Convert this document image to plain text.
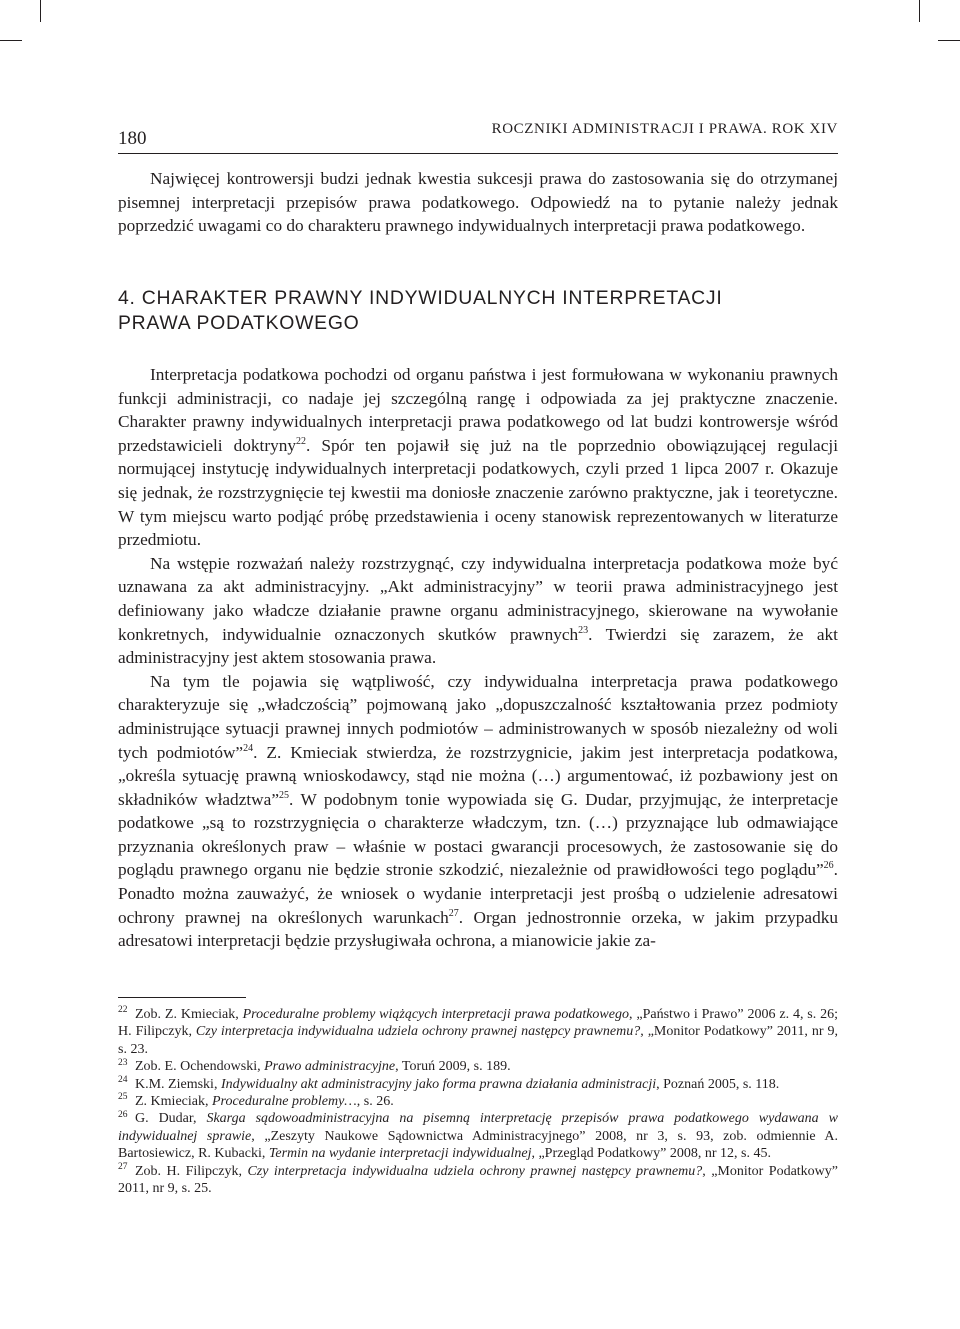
180	ROCZNIKI ADMINISTRACJI I PRAWA. ROK XIV

Najwięcej kontrowersji budzi jednak kwestia sukcesji prawa do zastosowania się do otrzymanej pisemnej interpretacji przepisów prawa podatkowego. Odpowiedź na to pytanie należy jednak poprzedzić uwagami co do charakteru prawnego indywidualnych interpretacji prawa podatkowego.

4. CHARAKTER PRAWNY INDYWIDUALNYCH INTERPRETACJI
PRAWA PODATKOWEGO

Interpretacja podatkowa pochodzi od organu państwa i jest formułowana w wykonaniu prawnych funkcji administracji, co nadaje jej szczególną rangę i odpowiada za jej praktyczne znaczenie. Charakter prawny indywidualnych interpretacji prawa podatkowego od lat budzi kontrowersje wśród przedstawicieli doktryny$^{22}$. Spór ten pojawił się już na tle poprzednio obowiązującej regulacji normującej instytucję indywidualnych interpretacji podatkowych, czyli przed 1 lipca 2007 r. Okazuje się jednak, że rozstrzygnięcie tej kwestii ma doniosłe znaczenie zarówno praktyczne, jak i teoretyczne. W tym miejscu warto podjąć próbę przedstawienia i oceny stanowisk reprezentowanych w literaturze przedmiotu.

Na wstępie rozważań należy rozstrzygnąć, czy indywidualna interpretacja podatkowa może być uznawana za akt administracyjny. „Akt administracyjny” w teorii prawa administracyjnego jest definiowany jako władcze działanie prawne organu administracyjnego, skierowane na wywołanie konkretnych, indywidualnie oznaczonych skutków prawnych$^{23}$. Twierdzi się zarazem, że akt administracyjny jest aktem stosowania prawa.

Na tym tle pojawia się wątpliwość, czy indywidualna interpretacja prawa podatkowego charakteryzuje się „władczością” pojmowaną jako „dopuszczalność kształtowania przez podmioty administrujące sytuacji prawnej innych podmiotów – administrowanych w sposób niezależny od woli tych podmiotów”$^{24}$. Z. Kmieciak stwierdza, że rozstrzygnicie, jakim jest interpretacja podatkowa, „określa sytuację prawną wnioskodawcy, stąd nie można (…) argumentować, iż pozbawiony jest on składników władztwa”$^{25}$. W podobnym tonie wypowiada się G. Dudar, przyjmując, że interpretacje podatkowe „są to rozstrzygnięcia o charakterze władczym, tzn. (…) przyznające lub odmawiające przyznania określonych praw – właśnie w postaci gwarancji procesowych, że zastosowanie się do poglądu prawnego organu nie będzie stronie szkodzić, niezależnie od prawidłowości tego poglądu”$^{26}$. Ponadto można zauważyć, że wniosek o wydanie interpretacji jest prośbą o udzielenie adresatowi ochrony prawnej na określonych warunkach$^{27}$. Organ jednostronnie orzeka, w jakim przypadku adresatowi interpretacji będzie przysługiwała ochrona, a mianowicie jakie za-

22 Zob. Z. Kmieciak, Proceduralne problemy wiążących interpretacji prawa podatkowego, „Państwo i Prawo” 2006 z. 4, s. 26; H. Filipczyk, Czy interpretacja indywidualna udziela ochrony prawnej następcy prawnemu?, „Monitor Podatkowy” 2011, nr 9, s. 23.

23 Zob. E. Ochendowski, Prawo administracyjne, Toruń 2009, s. 189.

24 K.M. Ziemski, Indywidualny akt administracyjny jako forma prawna działania administracji, Poznań 2005, s. 118.

25 Z. Kmieciak, Proceduralne problemy…, s. 26.

26 G. Dudar, Skarga sądowoadministracyjna na pisemną interpretację przepisów prawa podatkowego wydawana w indywidualnej sprawie, „Zeszyty Naukowe Sądownictwa Administracyjnego” 2008, nr 3, s. 93, zob. odmiennie A. Bartosiewicz, R. Kubacki, Termin na wydanie interpretacji indywidualnej, „Przegląd Podatkowy” 2008, nr 12, s. 45.

27 Zob. H. Filipczyk, Czy interpretacja indywidualna udziela ochrony prawnej następcy prawnemu?, „Monitor Podatkowy” 2011, nr 9, s. 25.
